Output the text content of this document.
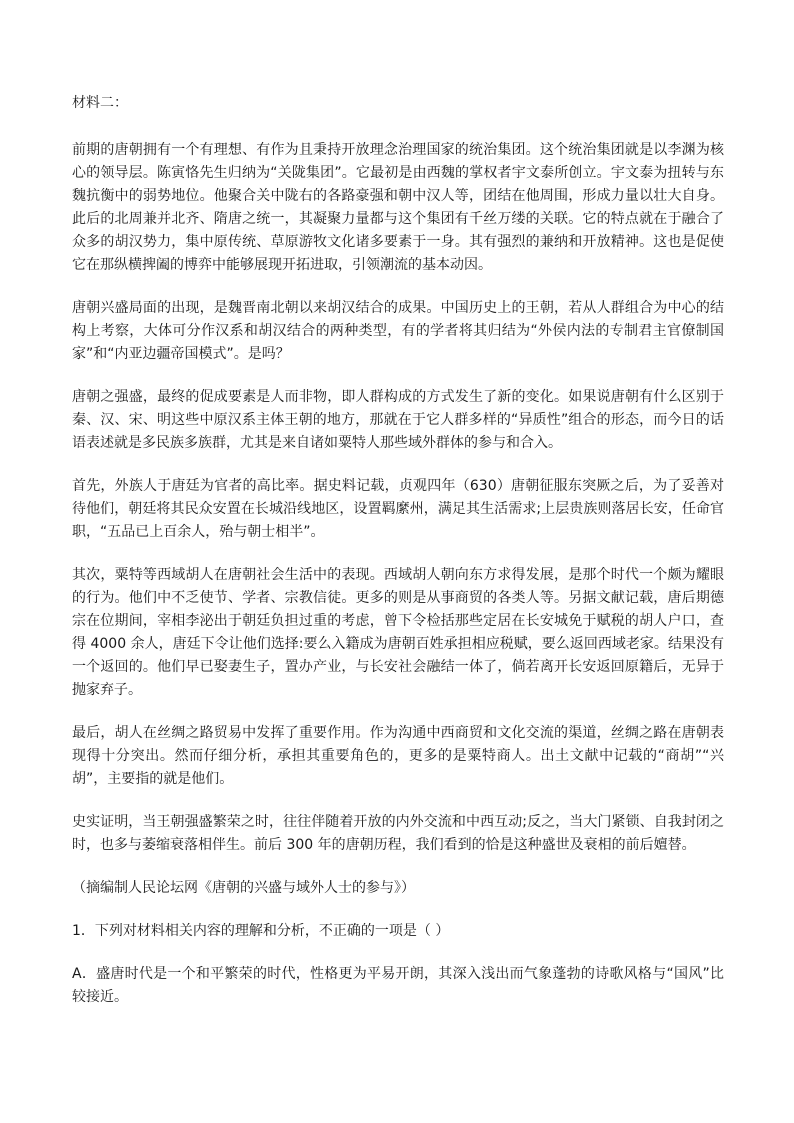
材料二：

前期的唐朝拥有一个有理想、有作为且秉持开放理念治理国家的统治集团。这个统治集团就是以李渊为核心的领导层。陈寅恪先生归纳为“关陇集团”。它最初是由西魏的掌权者宇文泰所创立。宇文泰为扭转与东魏抗衡中的弱势地位。他聚合关中陇右的各路豪强和朝中汉人等，团结在他周围，形成力量以壮大自身。此后的北周兼并北齐、隋唐之统一，其凝聚力量都与这个集团有千丝万缕的关联。它的特点就在于融合了众多的胡汉势力，集中原传统、草原游牧文化诸多要素于一身。其有强烈的兼纳和开放精神。这也是促使它在那纵横捭阖的博弈中能够展现开拓进取，引领潮流的基本动因。

唐朝兴盛局面的出现，是魏晋南北朝以来胡汉结合的成果。中国历史上的王朝，若从人群组合为中心的结构上考察，大体可分作汉系和胡汉结合的两种类型，有的学者将其归结为“外侯内法的专制君主官僚制国家”和“内亚边疆帝国模式”。是吗？

唐朝之强盛，最终的促成要素是人而非物，即人群构成的方式发生了新的变化。如果说唐朝有什么区别于秦、汉、宋、明这些中原汉系主体王朝的地方，那就在于它人群多样的“异质性”组合的形态，而今日的话语表述就是多民族多族群，尤其是来自诸如粟特人那些域外群体的参与和合入。

首先，外族人于唐廷为官者的高比率。据史料记载，贞观四年（630）唐朝征服东突厥之后，为了妥善对待他们，朝廷将其民众安置在长城沿线地区，设置羁縻州，满足其生活需求;上层贵族则落居长安，任命官职，“五品已上百余人，殆与朝士相半”。

其次，粟特等西域胡人在唐朝社会生活中的表现。西域胡人朝向东方求得发展，是那个时代一个颇为耀眼的行为。他们中不乏使节、学者、宗教信徒。更多的则是从事商贸的各类人等。另据文献记载，唐后期德宗在位期间，宰相李泌出于朝廷负担过重的考虑，曾下令检括那些定居在长安城免于赋税的胡人户口，查得 4000 余人，唐廷下令让他们选择:要么入籍成为唐朝百姓承担相应税赋，要么返回西域老家。结果没有一个返回的。他们早已娶妻生子，置办产业，与长安社会融结一体了，倘若离开长安返回原籍后，无异于抛家弃子。

最后，胡人在丝绸之路贸易中发挥了重要作用。作为沟通中西商贸和文化交流的渠道，丝绸之路在唐朝表现得十分突出。然而仔细分析，承担其重要角色的，更多的是粟特商人。出土文献中记载的“商胡”“兴胡”，主要指的就是他们。

史实证明，当王朝强盛繁荣之时，往往伴随着开放的内外交流和中西互动;反之，当大门紧锁、自我封闭之时，也多与萎缩衰落相伴生。前后 300 年的唐朝历程，我们看到的恰是这种盛世及衰相的前后嬗替。

（摘编制人民论坛网《唐朝的兴盛与域外人士的参与》）

1．下列对材料相关内容的理解和分析，不正确的一项是（ ）

A．盛唐时代是一个和平繁荣的时代，性格更为平易开朗，其深入浅出而气象蓬勃的诗歌风格与“国风”比较接近。
